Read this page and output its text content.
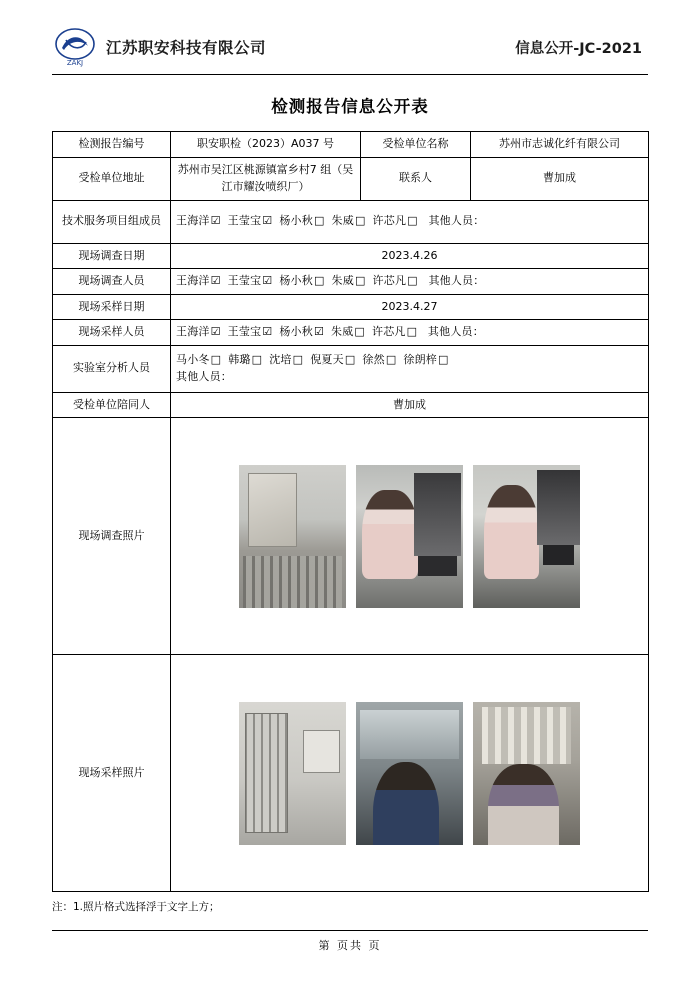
ZAKJ
江苏职安科技有限公司	信息公开-JC-2021
检测报告信息公开表
检测报告编号	职安职检（2023）A037 号	受检单位名称	苏州市志诚化纤有限公司
受检单位地址	苏州市吴江区桃源镇富乡村7 组（吴江市耀汝喷织厂）	联系人	曹加成
技术服务项目组成员	王海洋☑ 王莹宝☑ 杨小秋□ 朱威□ 许芯凡□ 其他人员：		
现场调查日期	2023.4.26		
现场调查人员	王海洋☑ 王莹宝☑ 杨小秋□ 朱威□ 许芯凡□ 其他人员：		
现场采样日期	2023.4.27		
现场采样人员	王海洋☑ 王莹宝☑ 杨小秋☑ 朱威□ 许芯凡□ 其他人员：		
实验室分析人员	马小冬□ 韩璐□ 沈培□ 倪夏天□ 徐然□ 徐朗梓□
其他人员：		

受检单位陪同人	曹加成		
现场调查照片			

现场采样照片			
注：1.照片格式选择浮于文字上方；
第 页共 页
